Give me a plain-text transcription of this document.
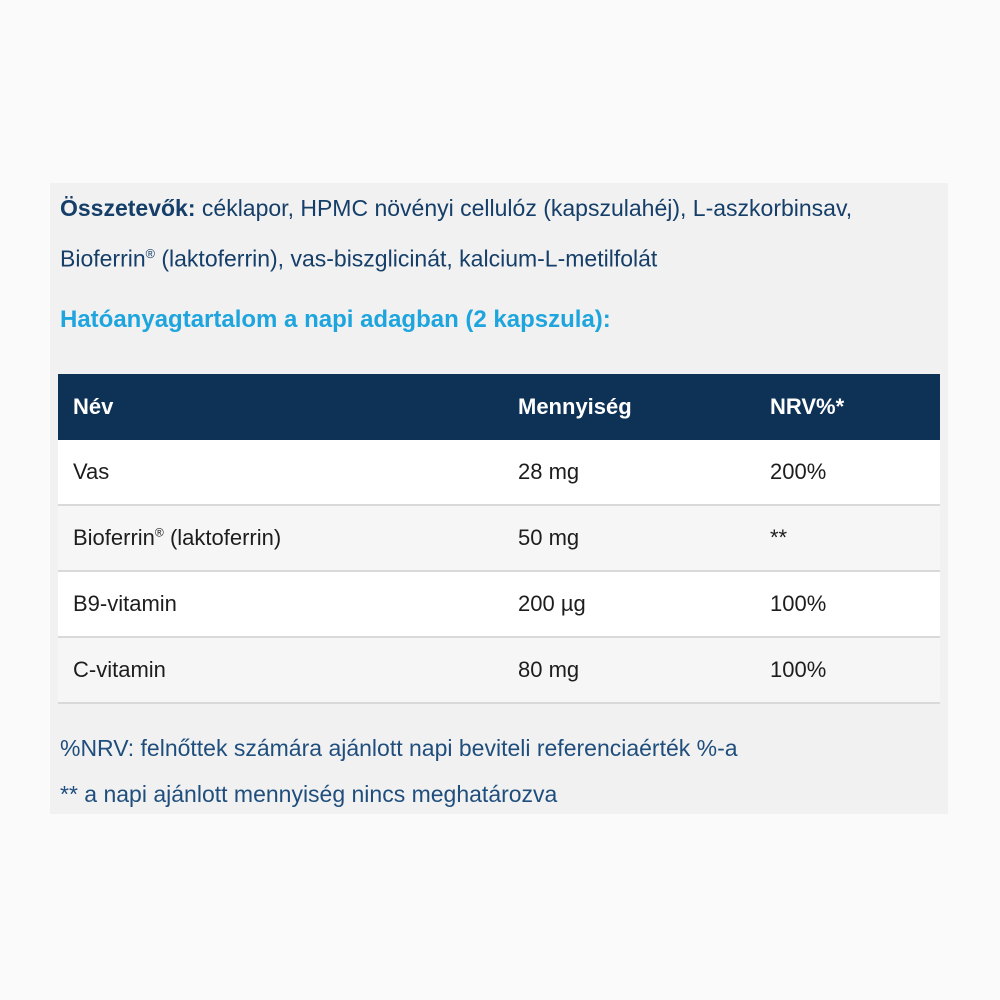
Összetevők: céklapor, HPMC növényi cellulóz (kapszulahéj), L-aszkorbinsav,
Bioferrin® (laktoferrin), vas-biszglicinát, kalcium-L-metilfolát
Hatóanyagtartalom a napi adagban (2 kapszula):
Név	Mennyiség	NRV%*
Vas	28 mg	200%
Bioferrin® (laktoferrin)	50 mg	**
B9-vitamin	200 µg	100%
C-vitamin	80 mg	100%
%NRV: felnőttek számára ajánlott napi beviteli referenciaérték %-a
** a napi ajánlott mennyiség nincs meghatározva
